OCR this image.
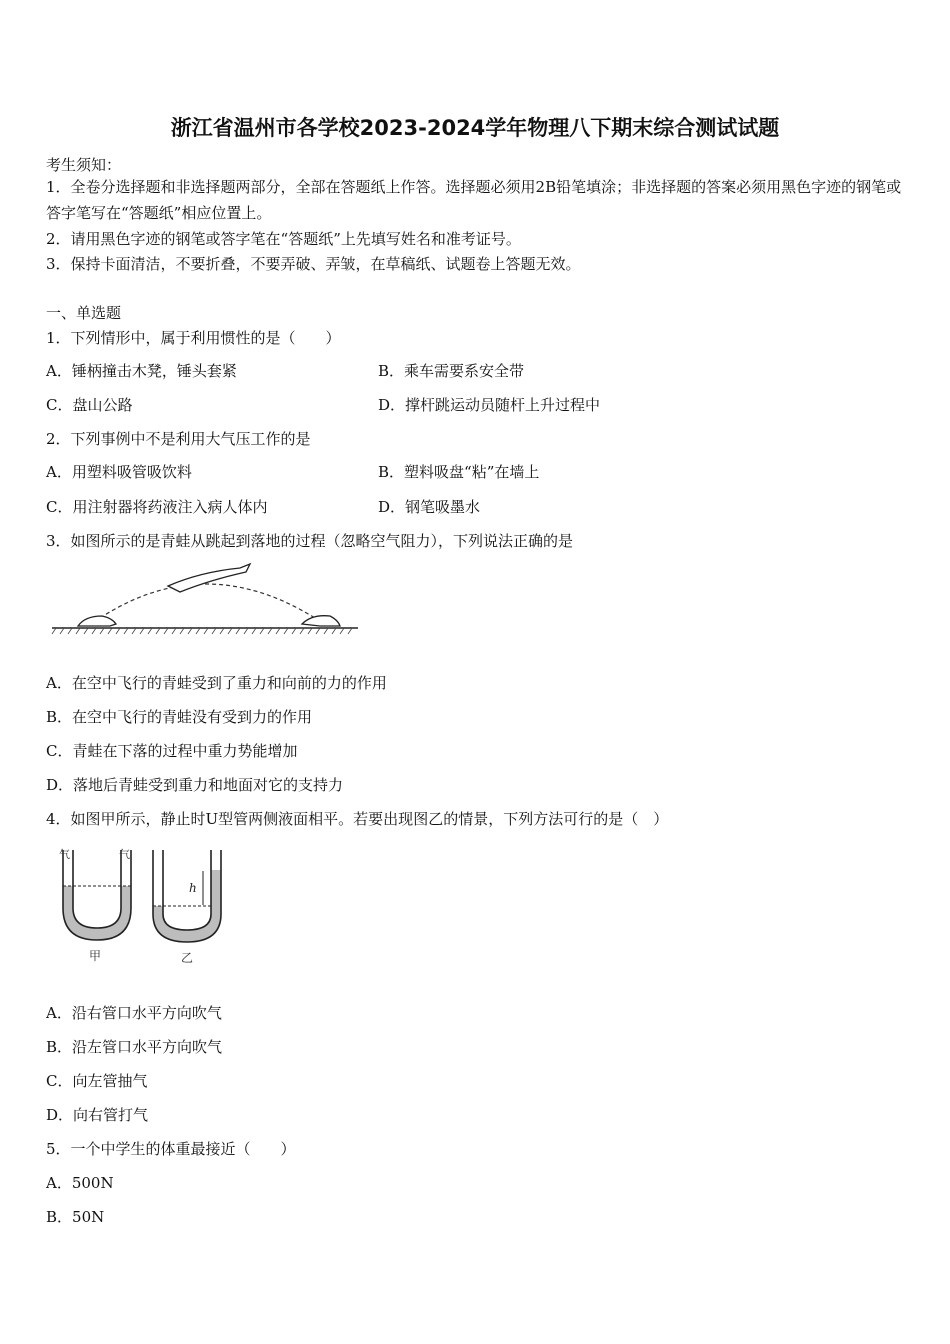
浙江省温州市各学校2023-2024学年物理八下期末综合测试试题
考生须知：
1．全卷分选择题和非选择题两部分，全部在答题纸上作答。选择题必须用2B铅笔填涂；非选择题的答案必须用黑色字迹的钢笔或答字笔写在“答题纸”相应位置上。
2．请用黑色字迹的钢笔或答字笔在“答题纸”上先填写姓名和准考证号。
3．保持卡面清洁，不要折叠，不要弄破、弄皱，在草稿纸、试题卷上答题无效。
一、单选题
1．下列情形中，属于利用惯性的是（　　）
A．锤柄撞击木凳，锤头套紧	B．乘车需要系安全带
C．盘山公路	D．撑杆跳运动员随杆上升过程中
2．下列事例中不是利用大气压工作的是
A．用塑料吸管吸饮料	B．塑料吸盘“粘”在墙上
C．用注射器将药液注入病人体内	D．钢笔吸墨水
3．如图所示的是青蛙从跳起到落地的过程（忽略空气阻力），下列说法正确的是
A．在空中飞行的青蛙受到了重力和向前的力的作用
B．在空中飞行的青蛙没有受到力的作用
C．青蛙在下落的过程中重力势能增加
D．落地后青蛙受到重力和地面对它的支持力
4．如图甲所示，静止时U型管两侧液面相平。若要出现图乙的情景，下列方法可行的是（　）
气	气
甲
h
乙
A．沿右管口水平方向吹气
B．沿左管口水平方向吹气
C．向左管抽气
D．向右管打气
5．一个中学生的体重最接近（　　）
A．500N
B．50N
